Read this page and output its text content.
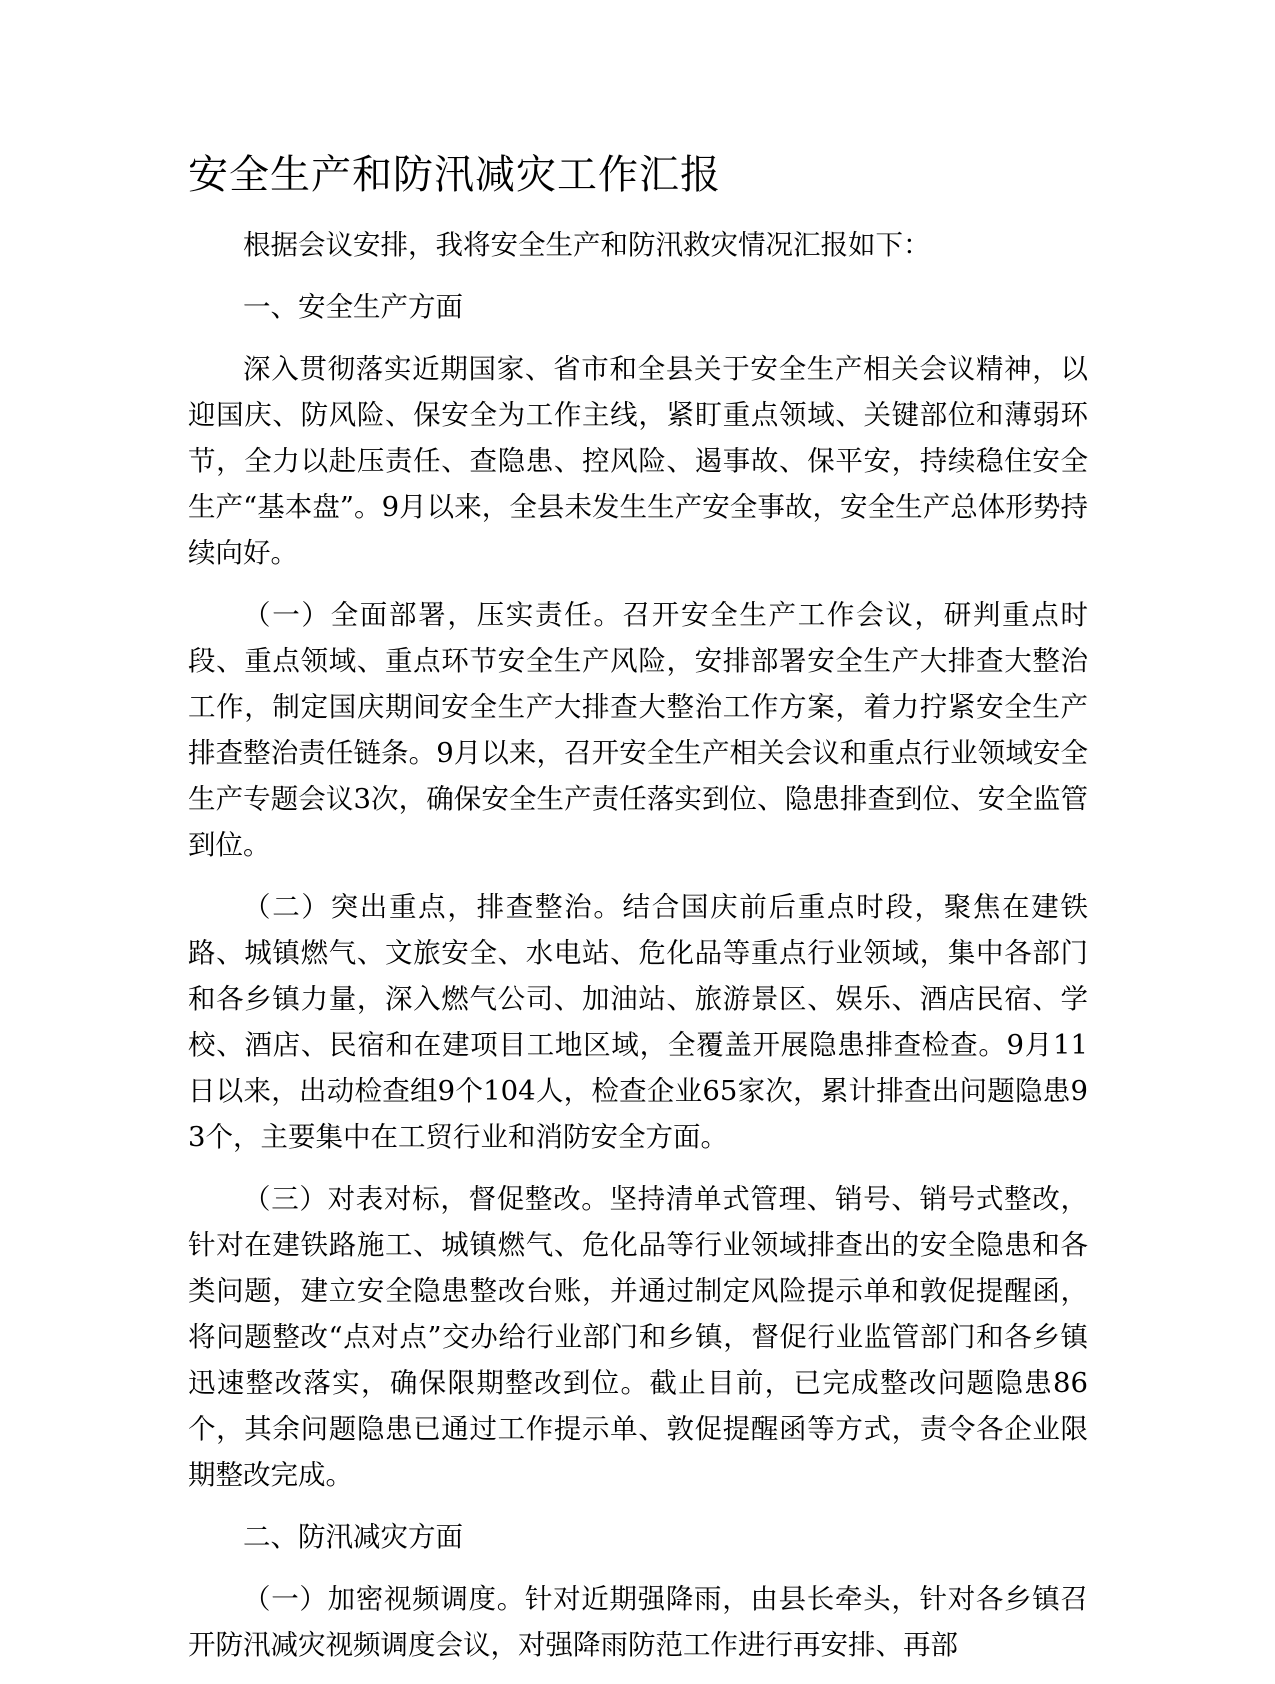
安全生产和防汛减灾工作汇报

根据会议安排，我将安全生产和防汛救灾情况汇报如下：

一、安全生产方面

深入贯彻落实近期国家、省市和全县关于安全生产相关会议精神，以迎国庆、防风险、保安全为工作主线，紧盯重点领域、关键部位和薄弱环节，全力以赴压责任、查隐患、控风险、遏事故、保平安，持续稳住安全生产“基本盘”。9月以来，全县未发生生产安全事故，安全生产总体形势持续向好。

（一）全面部署，压实责任。召开安全生产工作会议，研判重点时段、重点领域、重点环节安全生产风险，安排部署安全生产大排查大整治工作，制定国庆期间安全生产大排查大整治工作方案，着力拧紧安全生产排查整治责任链条。9月以来，召开安全生产相关会议和重点行业领域安全生产专题会议3次，确保安全生产责任落实到位、隐患排查到位、安全监管到位。

（二）突出重点，排查整治。结合国庆前后重点时段，聚焦在建铁路、城镇燃气、文旅安全、水电站、危化品等重点行业领域，集中各部门和各乡镇力量，深入燃气公司、加油站、旅游景区、娱乐、酒店民宿、学校、酒店、民宿和在建项目工地区域，全覆盖开展隐患排查检查。9月11日以来，出动检查组9个104人，检查企业65家次，累计排查出问题隐患93个，主要集中在工贸行业和消防安全方面。

（三）对表对标，督促整改。坚持清单式管理、销号、销号式整改，针对在建铁路施工、城镇燃气、危化品等行业领域排查出的安全隐患和各类问题，建立安全隐患整改台账，并通过制定风险提示单和敦促提醒函，将问题整改“点对点”交办给行业部门和乡镇，督促行业监管部门和各乡镇迅速整改落实，确保限期整改到位。截止目前，已完成整改问题隐患86个，其余问题隐患已通过工作提示单、敦促提醒函等方式，责令各企业限期整改完成。

二、防汛减灾方面

（一）加密视频调度。针对近期强降雨，由县长牵头，针对各乡镇召开防汛减灾视频调度会议，对强降雨防范工作进行再安排、再部
